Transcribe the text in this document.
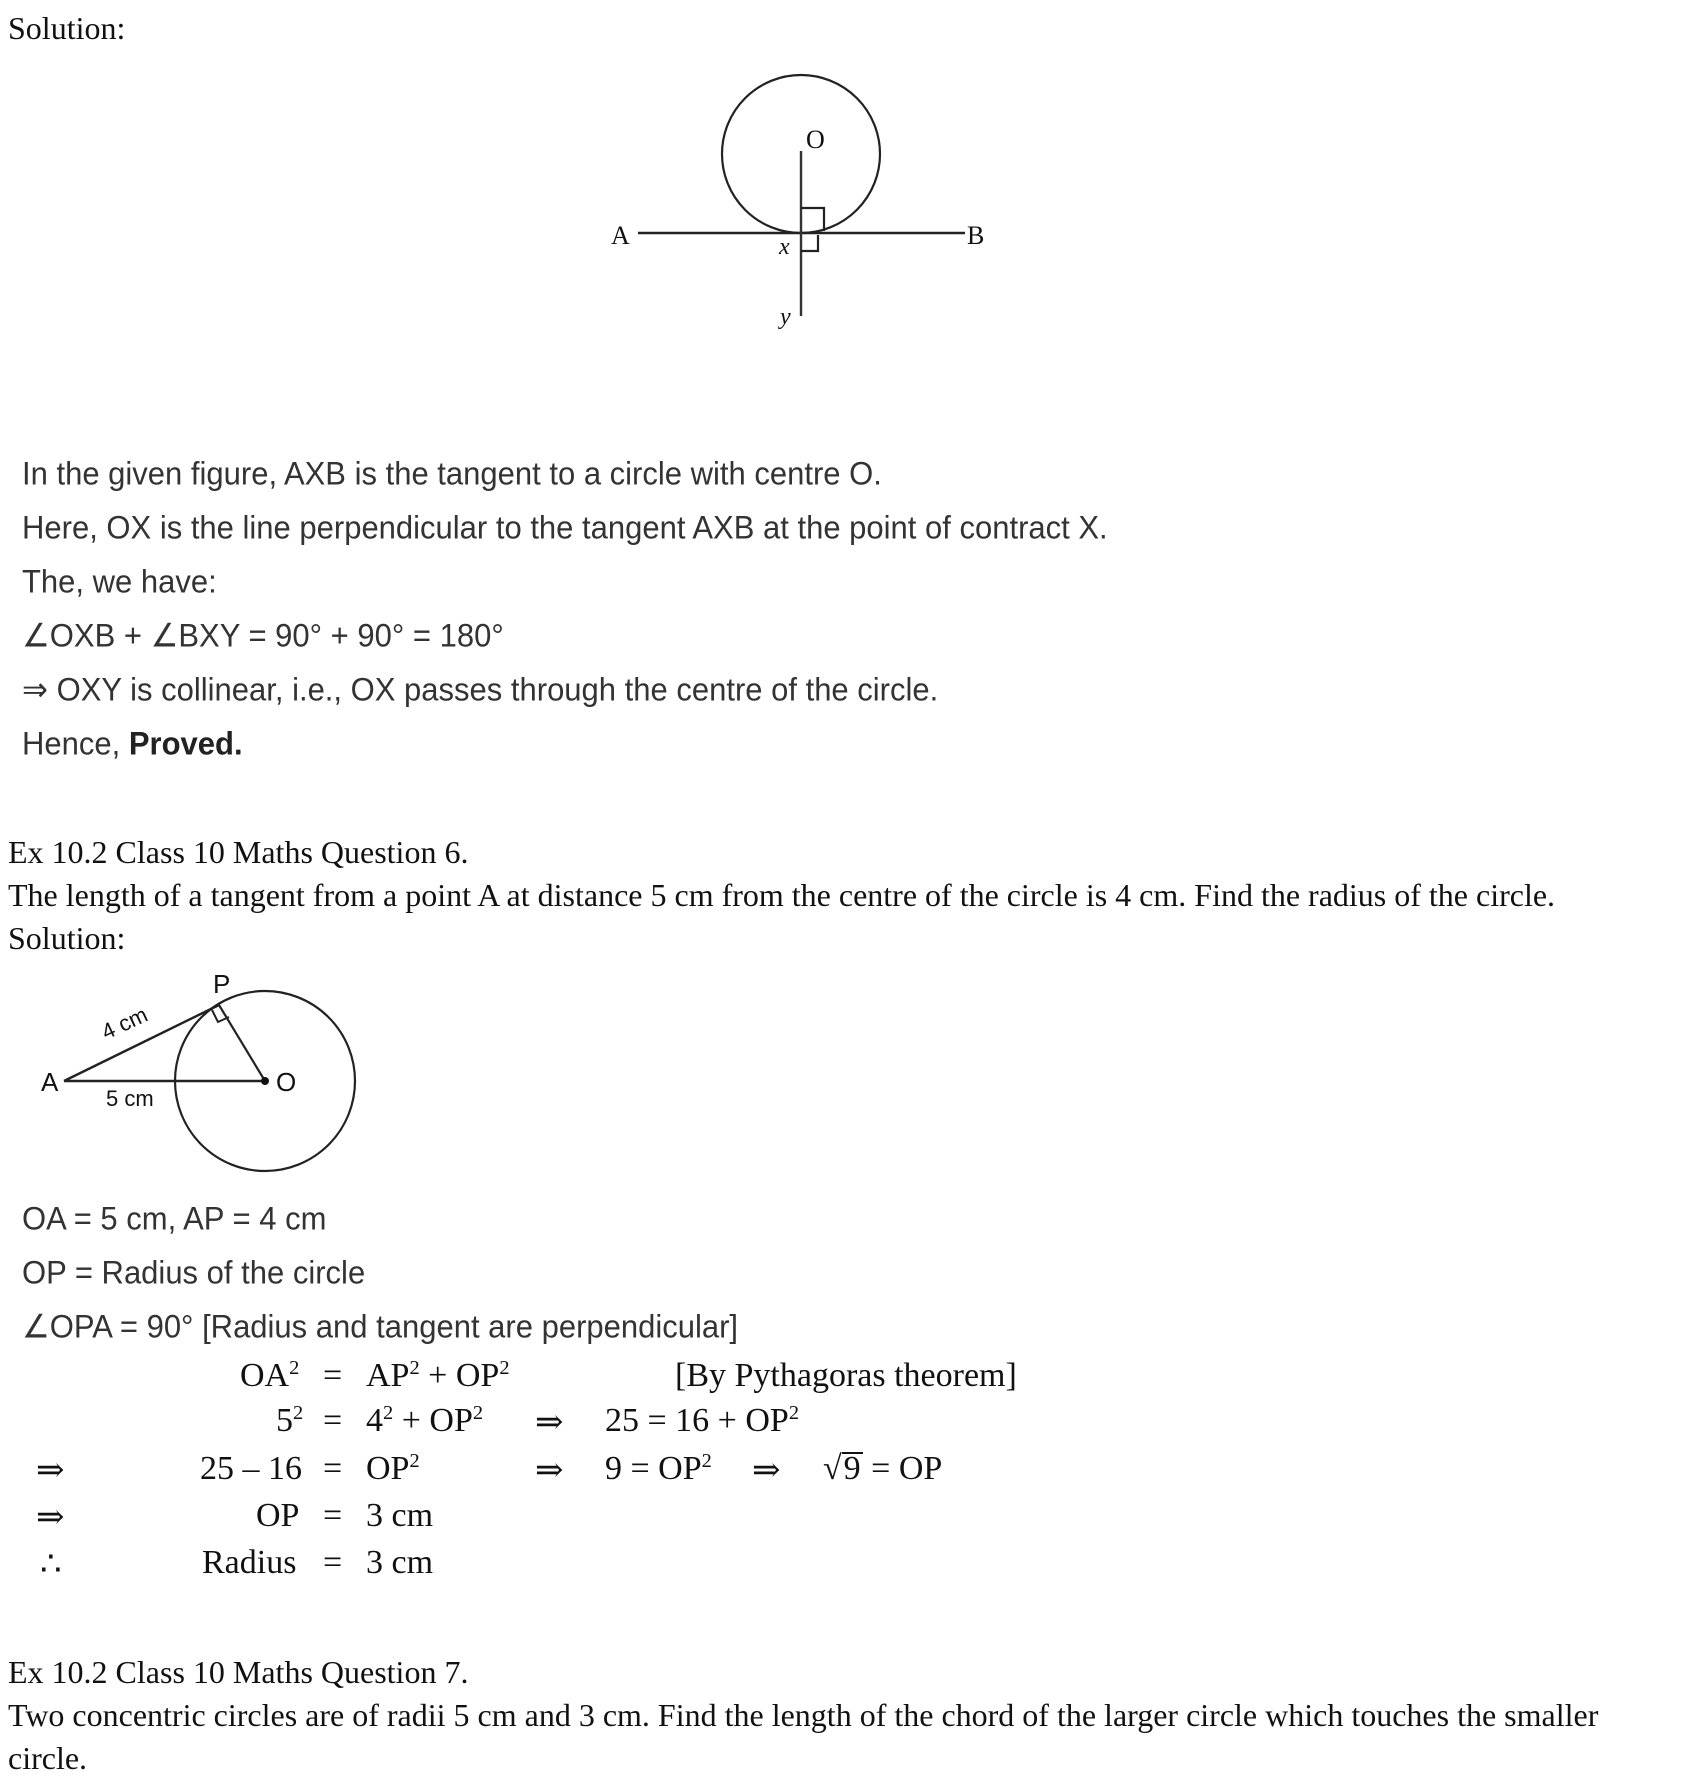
Solution:
A	B
O
x
y
In the given figure, AXB is the tangent to a circle with centre O.
Here, OX is the line perpendicular to the tangent AXB at the point of contract X.
The, we have:
∠OXB + ∠BXY = 90° + 90° = 180°
⇒ OXY is collinear, i.e., OX passes through the centre of the circle.
Hence, Proved.
Ex 10.2 Class 10 Maths Question 6.
The length of a tangent from a point A at distance 5 cm from the centre of the circle is 4 cm. Find the radius of the circle.
Solution:
A
P
O
4 cm
5 cm
OA = 5 cm, AP = 4 cm
OP = Radius of the circle
∠OPA = 90° [Radius and tangent are perpendicular]
$OA^2 = AP^2 + OP^2$	[By Pythagoras theorem]
$5^2 = 4^2 + OP^2$ ⇒ $25 = 16 + OP^2$
⇒	$25 - 16 = OP^2$	⇒ $9 = OP^2$ ⇒ √9 = OP
⇒	OP = 3 cm
∴	Radius = 3 cm
Ex 10.2 Class 10 Maths Question 7.
Two concentric circles are of radii 5 cm and 3 cm. Find the length of the chord of the larger circle which touches the smaller
circle.
